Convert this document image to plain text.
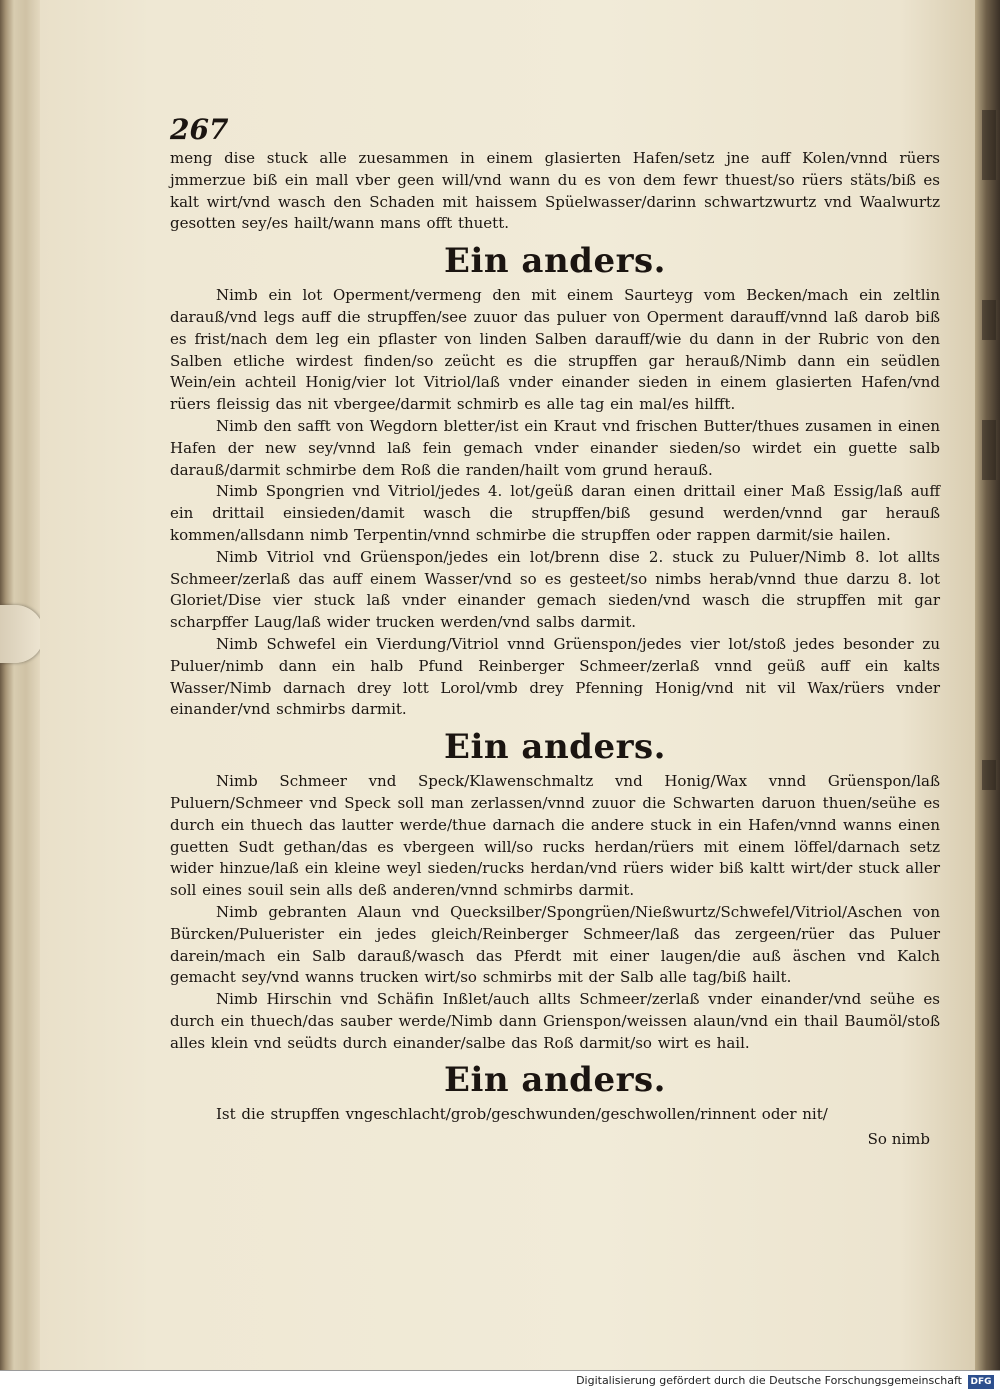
267

meng dise stuck alle zuesammen in einem glasierten Hafen/setz jne auff Kolen/vnnd rüers jmmerzue biß ein mall vber geen will/vnd wann du es von dem fewr thuest/so rüers stäts/biß es kalt wirt/vnd wasch den Schaden mit haissem Spüelwasser/darinn schwartzwurtz vnd Waalwurtz gesotten sey/es hailt/wann mans offt thuett.

Ein anders.

Nimb ein lot Operment/vermeng den mit einem Saurteyg vom Becken/mach ein zeltlin darauß/vnd legs auff die strupffen/see zuuor das puluer von Operment darauff/vnnd laß darob biß es frist/nach dem leg ein pflaster von linden Salben darauff/wie du dann in der Rubric von den Salben etliche wirdest finden/so zeücht es die strupffen gar herauß/Nimb dann ein seüdlen Wein/ein achteil Honig/vier lot Vitriol/laß vnder einander sieden in einem glasierten Hafen/vnd rüers fleissig das nit vbergee/darmit schmirb es alle tag ein mal/es hilfft.

Nimb den safft von Wegdorn bletter/ist ein Kraut vnd frischen Butter/thues zusamen in einen Hafen der new sey/vnnd laß fein gemach vnder einander sieden/so wirdet ein guette salb darauß/darmit schmirbe dem Roß die randen/hailt vom grund herauß.

Nimb Spongrien vnd Vitriol/jedes 4. lot/geüß daran einen drittail einer Maß Essig/laß auff ein drittail einsieden/damit wasch die strupffen/biß gesund werden/vnnd gar herauß kommen/allsdann nimb Terpentin/vnnd schmirbe die strupffen oder rappen darmit/sie hailen.

Nimb Vitriol vnd Grüenspon/jedes ein lot/brenn dise 2. stuck zu Puluer/Nimb 8. lot allts Schmeer/zerlaß das auff einem Wasser/vnd so es gesteet/so nimbs herab/vnnd thue darzu 8. lot Gloriet/Dise vier stuck laß vnder einander gemach sieden/vnd wasch die strupffen mit gar scharpffer Laug/laß wider trucken werden/vnd salbs darmit.

Nimb Schwefel ein Vierdung/Vitriol vnnd Grüenspon/jedes vier lot/stoß jedes besonder zu Puluer/nimb dann ein halb Pfund Reinberger Schmeer/zerlaß vnnd geüß auff ein kalts Wasser/Nimb darnach drey lott Lorol/vmb drey Pfenning Honig/vnd nit vil Wax/rüers vnder einander/vnd schmirbs darmit.

Ein anders.

Nimb Schmeer vnd Speck/Klawenschmaltz vnd Honig/Wax vnnd Grüenspon/laß Puluern/Schmeer vnd Speck soll man zerlassen/vnnd zuuor die Schwarten daruon thuen/seühe es durch ein thuech das lautter werde/thue darnach die andere stuck in ein Hafen/vnnd wanns einen guetten Sudt gethan/das es vbergeen will/so rucks herdan/rüers mit einem löffel/darnach setz wider hinzue/laß ein kleine weyl sieden/rucks herdan/vnd rüers wider biß kaltt wirt/der stuck aller soll eines souil sein alls deß anderen/vnnd schmirbs darmit.

Nimb gebranten Alaun vnd Quecksilber/Spongrüen/Nießwurtz/Schwefel/Vitriol/Aschen von Bürcken/Puluerister ein jedes gleich/Reinberger Schmeer/laß das zergeen/rüer das Puluer darein/mach ein Salb darauß/wasch das Pferdt mit einer laugen/die auß äschen vnd Kalch gemacht sey/vnd wanns trucken wirt/so schmirbs mit der Salb alle tag/biß hailt.

Nimb Hirschin vnd Schäfin Inßlet/auch allts Schmeer/zerlaß vnder einander/vnd seühe es durch ein thuech/das sauber werde/Nimb dann Grienspon/weissen alaun/vnd ein thail Baumöl/stoß alles klein vnd seüdts durch einander/salbe das Roß darmit/so wirt es hail.

Ein anders.

Ist die strupffen vngeschlacht/grob/geschwunden/geschwollen/rinnent oder nit/

So nimb
Digitalisierung gefördert durch die Deutsche Forschungsgemeinschaft DFG
